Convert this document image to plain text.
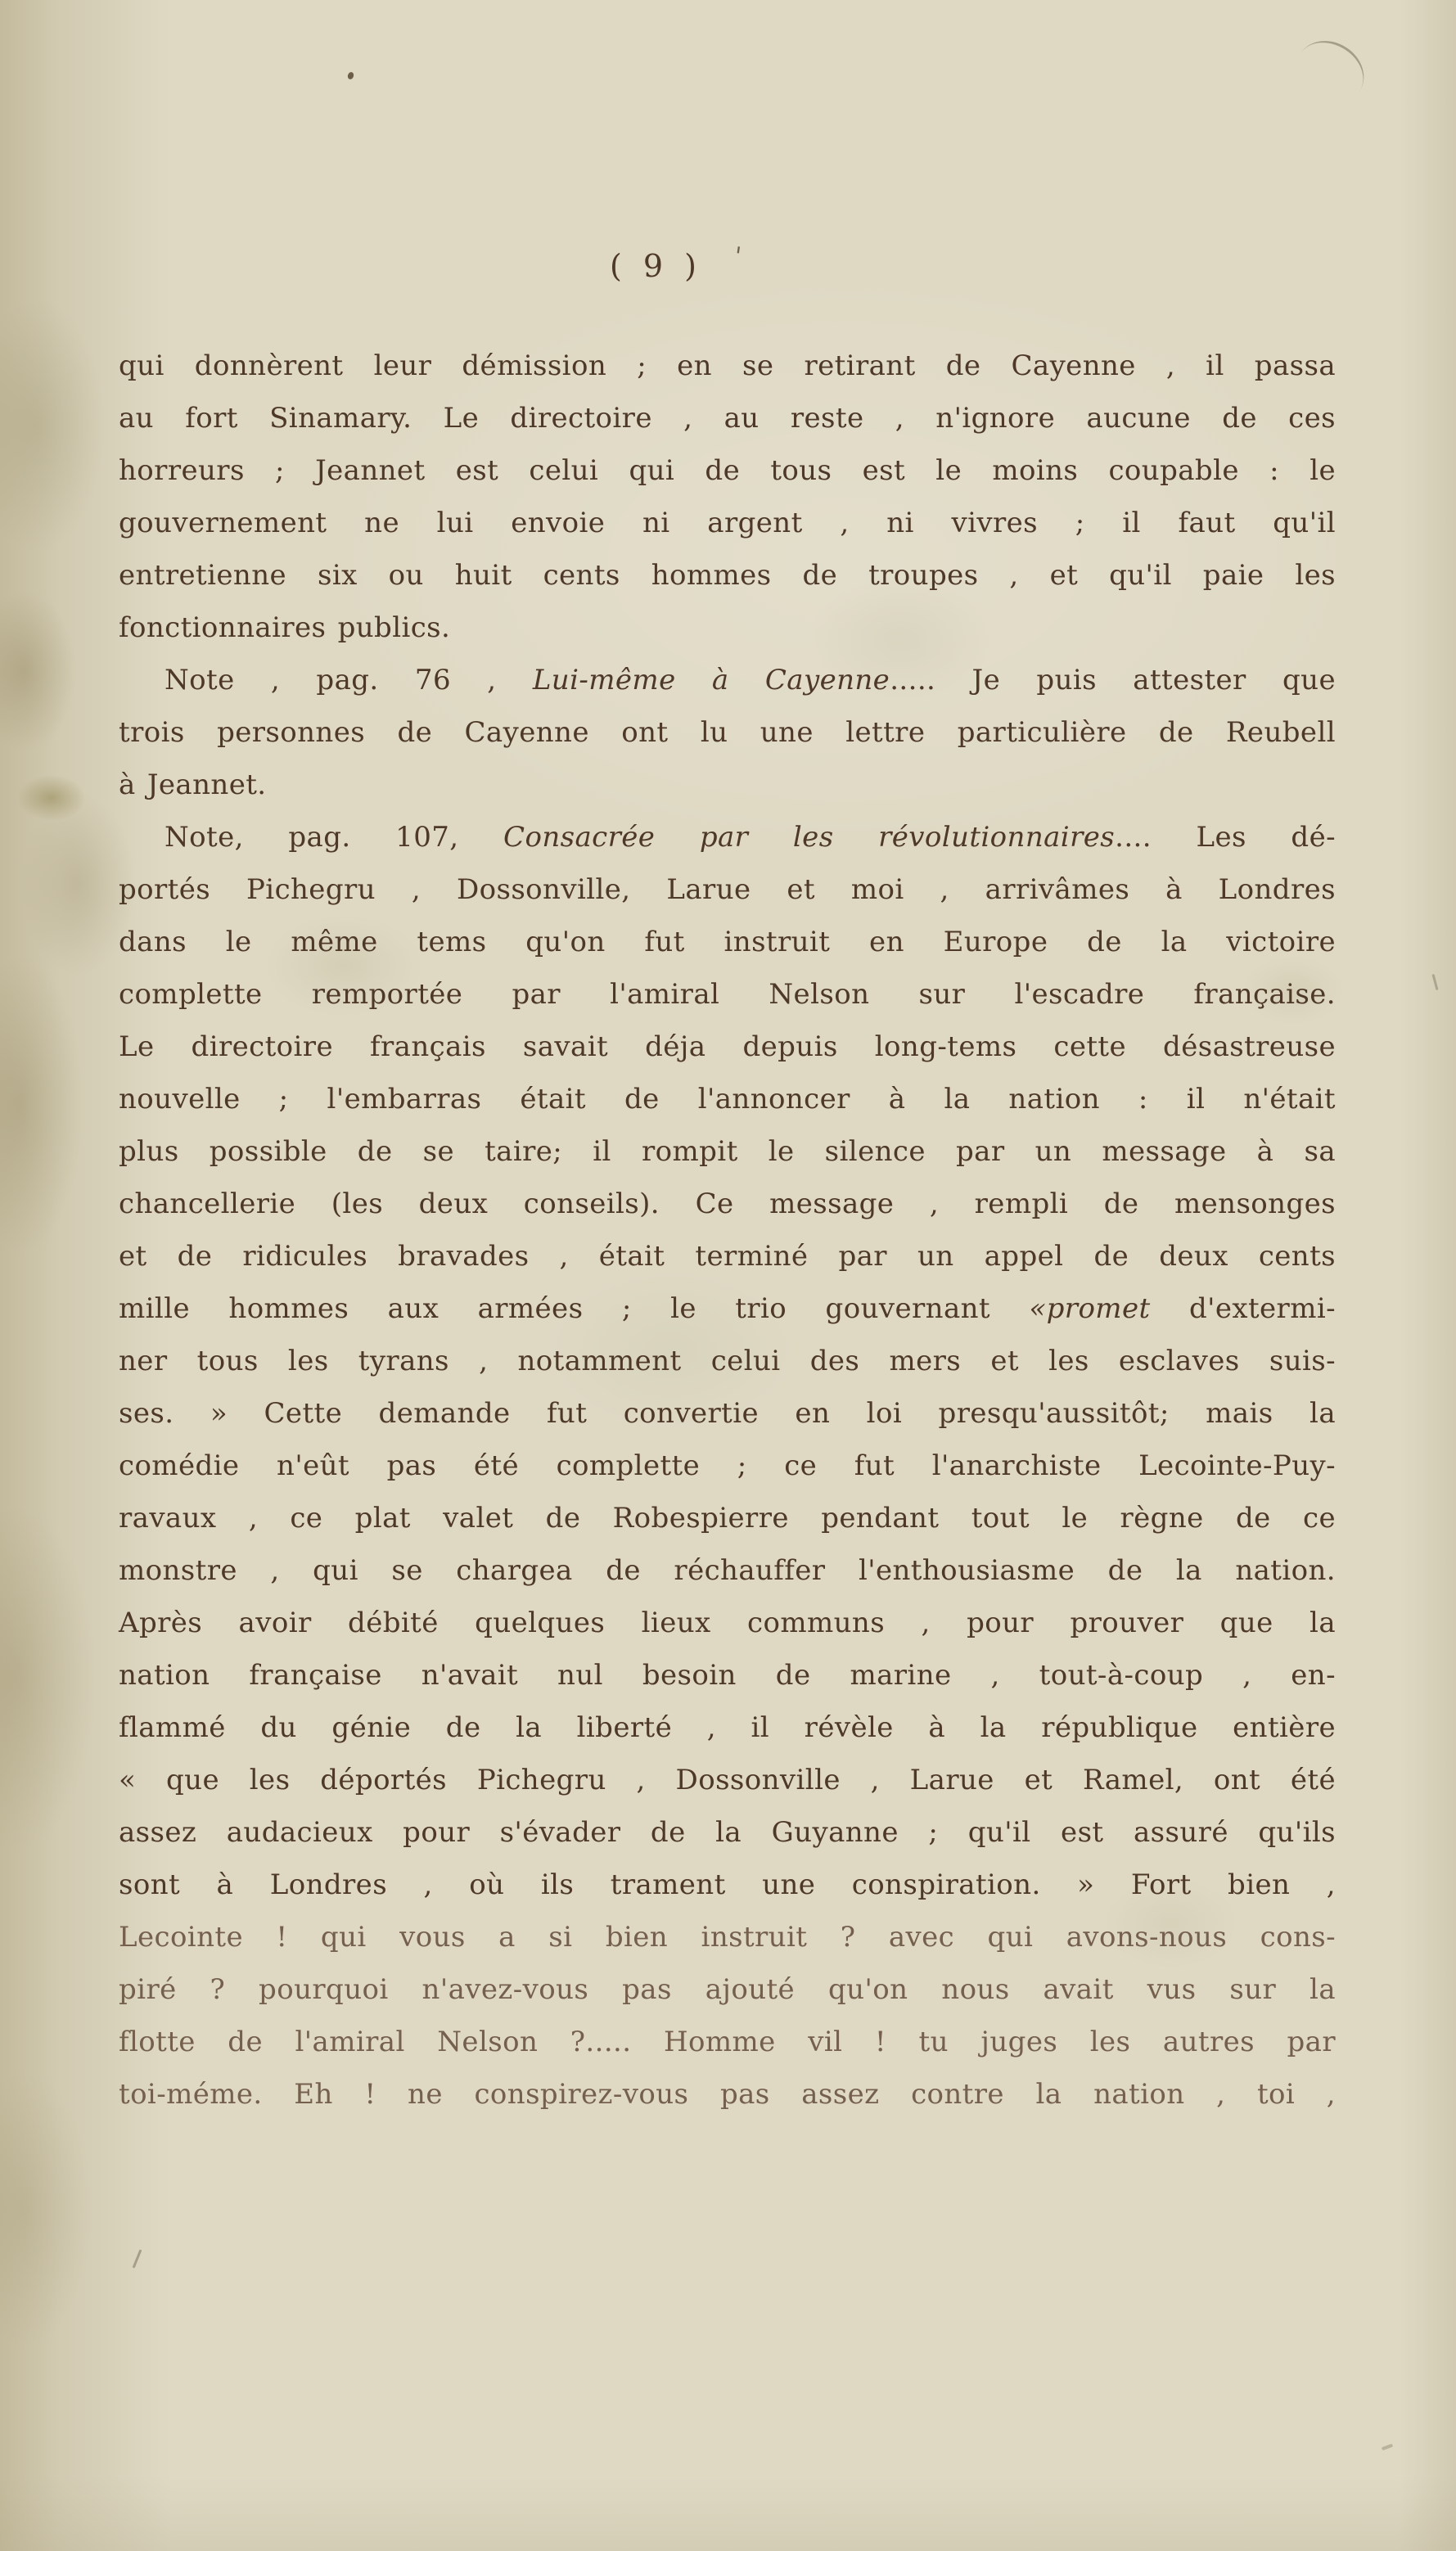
( 9 ) '
qui donnèrent leur démission ; en se retirant de Cayenne , il passa
au fort Sinamary. Le directoire , au reste , n'ignore aucune de ces
horreurs ; Jeannet est celui qui de tous est le moins coupable : le
gouvernement ne lui envoie ni argent , ni vivres ; il faut qu'il
entretienne six ou huit cents hommes de troupes , et qu'il paie les
fonctionnaires publics.
Note , pag. 76 , Lui-même à Cayenne..... Je puis attester que
trois personnes de Cayenne ont lu une lettre particulière de Reubell
à Jeannet.
Note, pag. 107, Consacrée par les révolutionnaires.... Les dé-
portés Pichegru , Dossonville, Larue et moi , arrivâmes à Londres
dans le même tems qu'on fut instruit en Europe de la victoire
complette remportée par l'amiral Nelson sur l'escadre française.
Le directoire français savait déja depuis long-tems cette désastreuse
nouvelle ; l'embarras était de l'annoncer à la nation : il n'était
plus possible de se taire; il rompit le silence par un message à sa
chancellerie (les deux conseils). Ce message , rempli de mensonges
et de ridicules bravades , était terminé par un appel de deux cents
mille hommes aux armées ; le trio gouvernant «promet d'extermi-
ner tous les tyrans , notamment celui des mers et les esclaves suis-
ses. » Cette demande fut convertie en loi presqu'aussitôt; mais la
comédie n'eût pas été complette ; ce fut l'anarchiste Lecointe-Puy-
ravaux , ce plat valet de Robespierre pendant tout le règne de ce
monstre , qui se chargea de réchauffer l'enthousiasme de la nation.
Après avoir débité quelques lieux communs , pour prouver que la
nation française n'avait nul besoin de marine , tout-à-coup , en-
flammé du génie de la liberté , il révèle à la république entière
« que les déportés Pichegru , Dossonville , Larue et Ramel, ont été
assez audacieux pour s'évader de la Guyanne ; qu'il est assuré qu'ils
sont à Londres , où ils trament une conspiration. » Fort bien ,
Lecointe ! qui vous a si bien instruit ? avec qui avons-nous cons-
piré ? pourquoi n'avez-vous pas ajouté qu'on nous avait vus sur la
flotte de l'amiral Nelson ?..... Homme vil ! tu juges les autres par
toi-méme. Eh ! ne conspirez-vous pas assez contre la nation , toi ,
